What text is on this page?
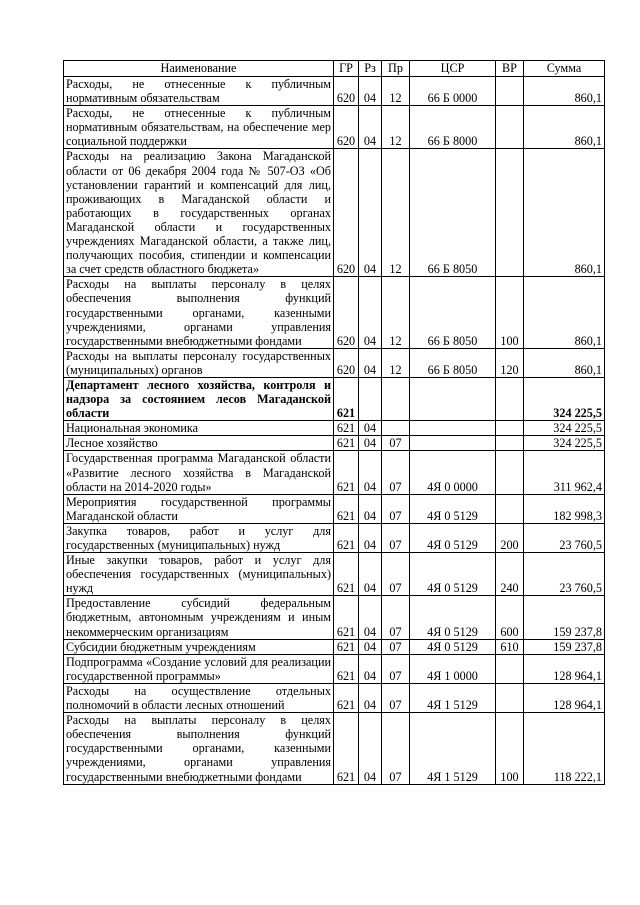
Наименование	ГР	Рз	Пр	ЦСР	ВР	Сумма
Расходы, не отнесенные к публичным нормативным обязательствам	620	04	12	66 Б 0000		860,1
Расходы, не отнесенные к публичным нормативным обязательствам, на обеспечение мер социальной поддержки	620	04	12	66 Б 8000		860,1
Расходы на реализацию Закона Магаданской области от 06 декабря 2004 года № 507-ОЗ «Об установлении гарантий и компенсаций для лиц, проживающих в Магаданской области и работающих в государственных органах Магаданской области и государственных учреждениях Магаданской области, а также лиц, получающих пособия, стипендии и компенсации за счет средств областного бюджета»	620	04	12	66 Б 8050		860,1
Расходы на выплаты персоналу в целях обеспечения выполнения функций государственными органами, казенными учреждениями, органами управления государственными внебюджетными фондами	620	04	12	66 Б 8050	100	860,1
Расходы на выплаты персоналу государственных (муниципальных) органов	620	04	12	66 Б 8050	120	860,1
Департамент лесного хозяйства, контроля и надзора за состоянием лесов Магаданской области	621					324 225,5
Национальная экономика	621	04				324 225,5
Лесное хозяйство	621	04	07			324 225,5
Государственная программа Магаданской области «Развитие лесного хозяйства в Магаданской области на 2014-2020 годы»	621	04	07	4Я 0 0000		311 962,4
Мероприятия государственной программы Магаданской области	621	04	07	4Я 0 5129		182 998,3
Закупка товаров, работ и услуг для государственных (муниципальных) нужд	621	04	07	4Я 0 5129	200	23 760,5
Иные закупки товаров, работ и услуг для обеспечения государственных (муниципальных) нужд	621	04	07	4Я 0 5129	240	23 760,5
Предоставление субсидий федеральным бюджетным, автономным учреждениям и иным некоммерческим организациям	621	04	07	4Я 0 5129	600	159 237,8
Субсидии бюджетным учреждениям	621	04	07	4Я 0 5129	610	159 237,8
Подпрограмма «Создание условий для реализации государственной программы»	621	04	07	4Я 1 0000		128 964,1
Расходы на осуществление отдельных полномочий в области лесных отношений	621	04	07	4Я 1 5129		128 964,1
Расходы на выплаты персоналу в целях обеспечения выполнения функций государственными органами, казенными учреждениями, органами управления государственными внебюджетными фондами	621	04	07	4Я 1 5129	100	118 222,1
